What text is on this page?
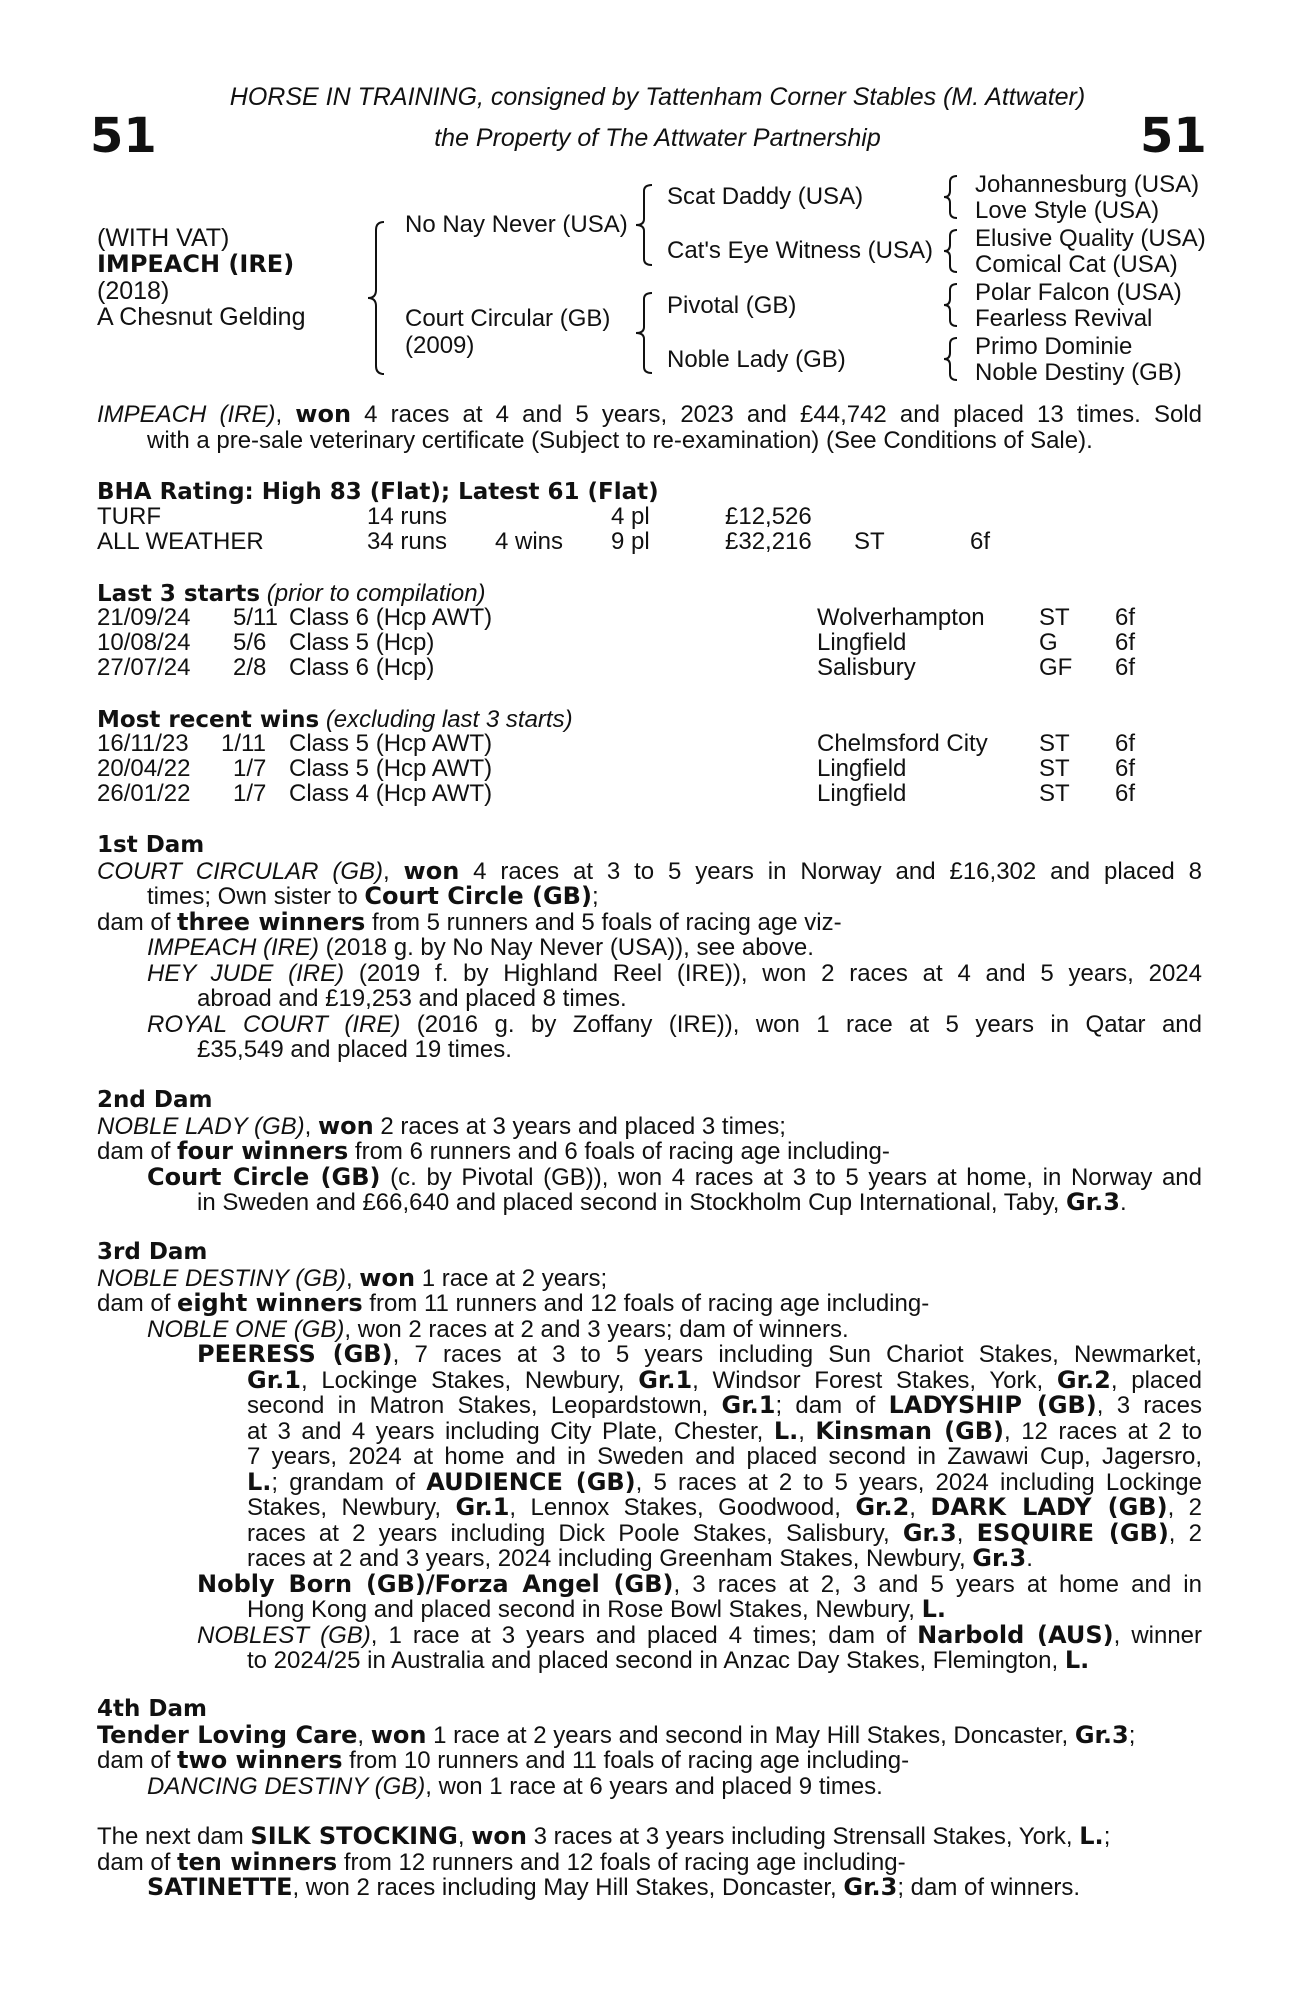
51	51
HORSE IN TRAINING, consigned by Tattenham Corner Stables (M. Attwater)
the Property of The Attwater Partnership
(WITH VAT)
IMPEACH (IRE)
(2018)
A Chesnut Gelding
No Nay Never (USA)
Court Circular (GB)
(2009)
Scat Daddy (USA)
Cat's Eye Witness (USA)
Pivotal (GB)
Noble Lady (GB)
Johannesburg (USA)
Love Style (USA)
Elusive Quality (USA)
Comical Cat (USA)
Polar Falcon (USA)
Fearless Revival
Primo Dominie
Noble Destiny (GB)
IMPEACH (IRE), won 4 races at 4 and 5 years, 2023 and £44,742 and placed 13 times. Sold
with a pre-sale veterinary certificate (Subject to re-examination) (See Conditions of Sale).
BHA Rating: High 83 (Flat); Latest 61 (Flat)
TURF	14 runs	4 pl	£12,526
ALL WEATHER	34 runs 4 wins 9 pl	£32,216 ST	6f
Last 3 starts (prior to compilation)
21/09/24 5/11 Class 6 (Hcp AWT)	Wolverhampton ST 6f
10/08/24 5/6 Class 5 (Hcp)	Lingfield	G 6f
27/07/24 2/8 Class 6 (Hcp)	Salisbury	GF 6f
Most recent wins (excluding last 3 starts)
16/11/23 1/11 Class 5 (Hcp AWT)	Chelmsford City ST 6f
20/04/22 1/7 Class 5 (Hcp AWT)	Lingfield	ST 6f
26/01/22 1/7 Class 4 (Hcp AWT)	Lingfield	ST 6f
1st Dam
COURT CIRCULAR (GB), won 4 races at 3 to 5 years in Norway and £16,302 and placed 8
times; Own sister to Court Circle (GB);
dam of three winners from 5 runners and 5 foals of racing age viz-
IMPEACH (IRE) (2018 g. by No Nay Never (USA)), see above.
HEY JUDE (IRE) (2019 f. by Highland Reel (IRE)), won 2 races at 4 and 5 years, 2024
abroad and £19,253 and placed 8 times.
ROYAL COURT (IRE) (2016 g. by Zoffany (IRE)), won 1 race at 5 years in Qatar and
£35,549 and placed 19 times.
2nd Dam
NOBLE LADY (GB), won 2 races at 3 years and placed 3 times;
dam of four winners from 6 runners and 6 foals of racing age including-
Court Circle (GB) (c. by Pivotal (GB)), won 4 races at 3 to 5 years at home, in Norway and
in Sweden and £66,640 and placed second in Stockholm Cup International, Taby, Gr.3.
3rd Dam
NOBLE DESTINY (GB), won 1 race at 2 years;
dam of eight winners from 11 runners and 12 foals of racing age including-
NOBLE ONE (GB), won 2 races at 2 and 3 years; dam of winners.
PEERESS (GB), 7 races at 3 to 5 years including Sun Chariot Stakes, Newmarket,
Gr.1, Lockinge Stakes, Newbury, Gr.1, Windsor Forest Stakes, York, Gr.2, placed
second in Matron Stakes, Leopardstown, Gr.1; dam of LADYSHIP (GB), 3 races
at 3 and 4 years including City Plate, Chester, L., Kinsman (GB), 12 races at 2 to
7 years, 2024 at home and in Sweden and placed second in Zawawi Cup, Jagersro,
L.; grandam of AUDIENCE (GB), 5 races at 2 to 5 years, 2024 including Lockinge
Stakes, Newbury, Gr.1, Lennox Stakes, Goodwood, Gr.2, DARK LADY (GB), 2
races at 2 years including Dick Poole Stakes, Salisbury, Gr.3, ESQUIRE (GB), 2
races at 2 and 3 years, 2024 including Greenham Stakes, Newbury, Gr.3.
Nobly Born (GB)/Forza Angel (GB), 3 races at 2, 3 and 5 years at home and in
Hong Kong and placed second in Rose Bowl Stakes, Newbury, L.
NOBLEST (GB), 1 race at 3 years and placed 4 times; dam of Narbold (AUS), winner
to 2024/25 in Australia and placed second in Anzac Day Stakes, Flemington, L.
4th Dam
Tender Loving Care, won 1 race at 2 years and second in May Hill Stakes, Doncaster, Gr.3;
dam of two winners from 10 runners and 11 foals of racing age including-
DANCING DESTINY (GB), won 1 race at 6 years and placed 9 times.
The next dam SILK STOCKING, won 3 races at 3 years including Strensall Stakes, York, L.;
dam of ten winners from 12 runners and 12 foals of racing age including-
SATINETTE, won 2 races including May Hill Stakes, Doncaster, Gr.3; dam of winners.
